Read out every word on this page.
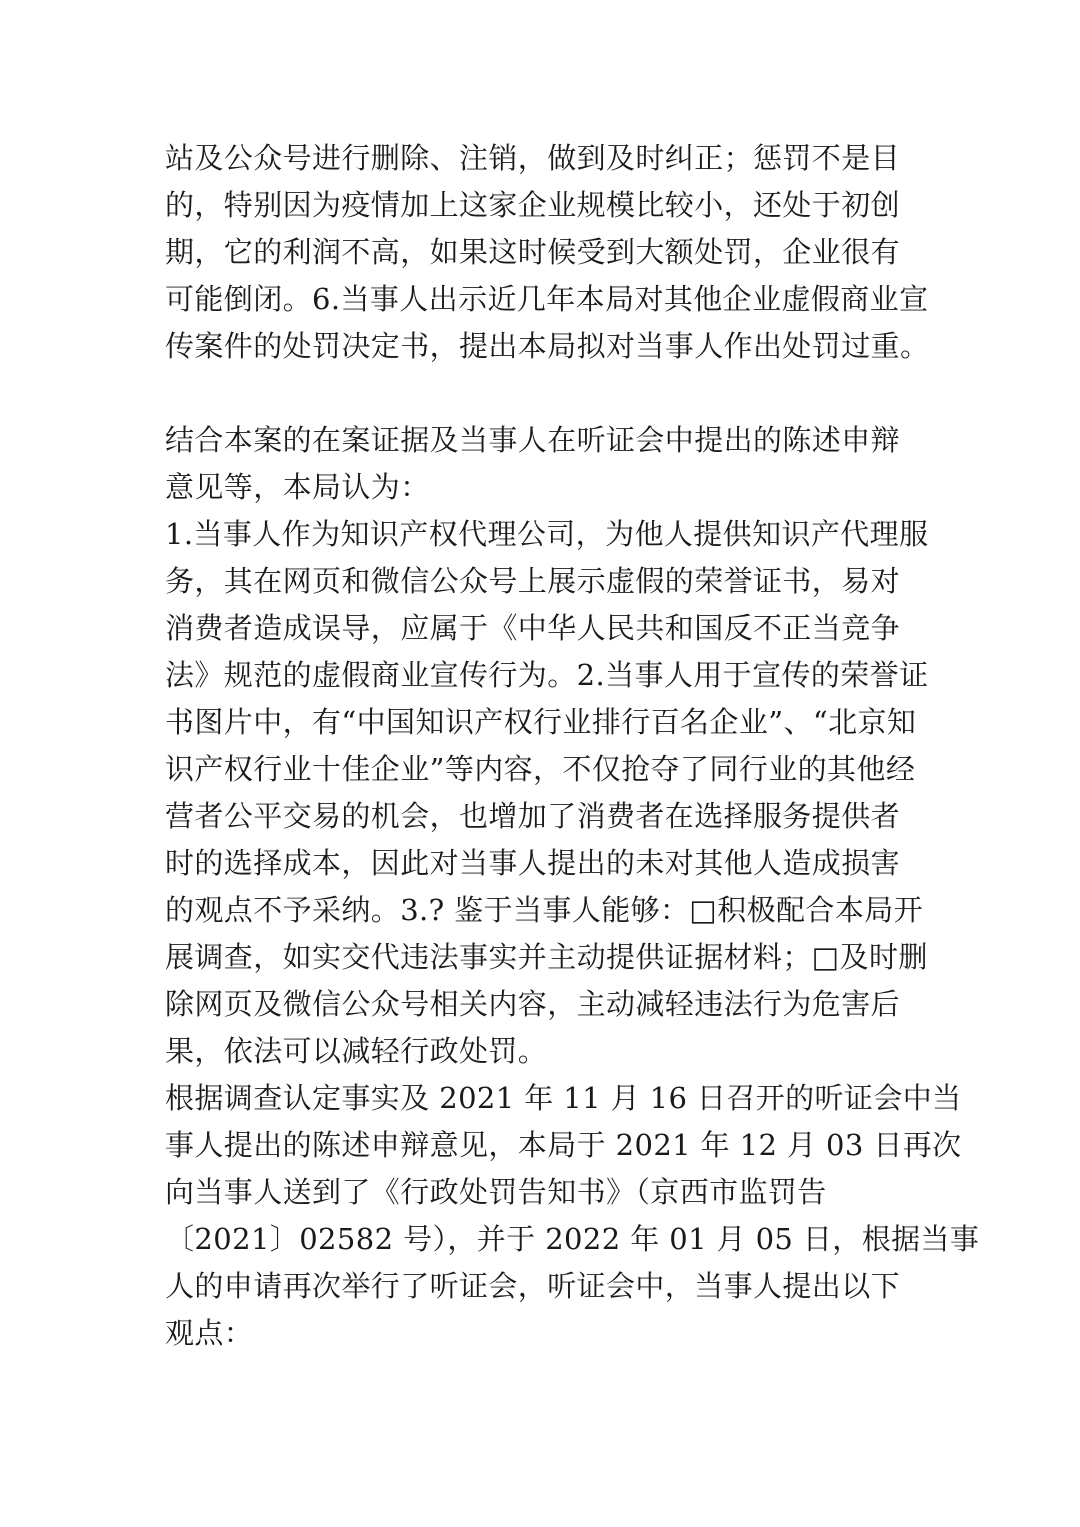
站及公众号进行删除、注销，做到及时纠正；惩罚不是目
的，特别因为疫情加上这家企业规模比较小，还处于初创
期，它的利润不高，如果这时候受到大额处罚，企业很有
可能倒闭。6.当事人出示近几年本局对其他企业虚假商业宣
传案件的处罚决定书，提出本局拟对当事人作出处罚过重。
结合本案的在案证据及当事人在听证会中提出的陈述申辩
意见等，本局认为：
1.当事人作为知识产权代理公司，为他人提供知识产代理服
务，其在网页和微信公众号上展示虚假的荣誉证书，易对
消费者造成误导，应属于《中华人民共和国反不正当竞争
法》规范的虚假商业宣传行为。2.当事人用于宣传的荣誉证
书图片中，有“中国知识产权行业排行百名企业”、“北京知
识产权行业十佳企业”等内容，不仅抢夺了同行业的其他经
营者公平交易的机会，也增加了消费者在选择服务提供者
时的选择成本，因此对当事人提出的未对其他人造成损害
的观点不予采纳。3.? 鉴于当事人能够：□积极配合本局开
展调查，如实交代违法事实并主动提供证据材料；□及时删
除网页及微信公众号相关内容，主动减轻违法行为危害后
果，依法可以减轻行政处罚。
根据调查认定事实及 2021 年 11 月 16 日召开的听证会中当
事人提出的陈述申辩意见，本局于 2021 年 12 月 03 日再次
向当事人送到了《行政处罚告知书》（京西市监罚告
〔2021〕02582 号），并于 2022 年 01 月 05 日，根据当事
人的申请再次举行了听证会，听证会中，当事人提出以下
观点：
